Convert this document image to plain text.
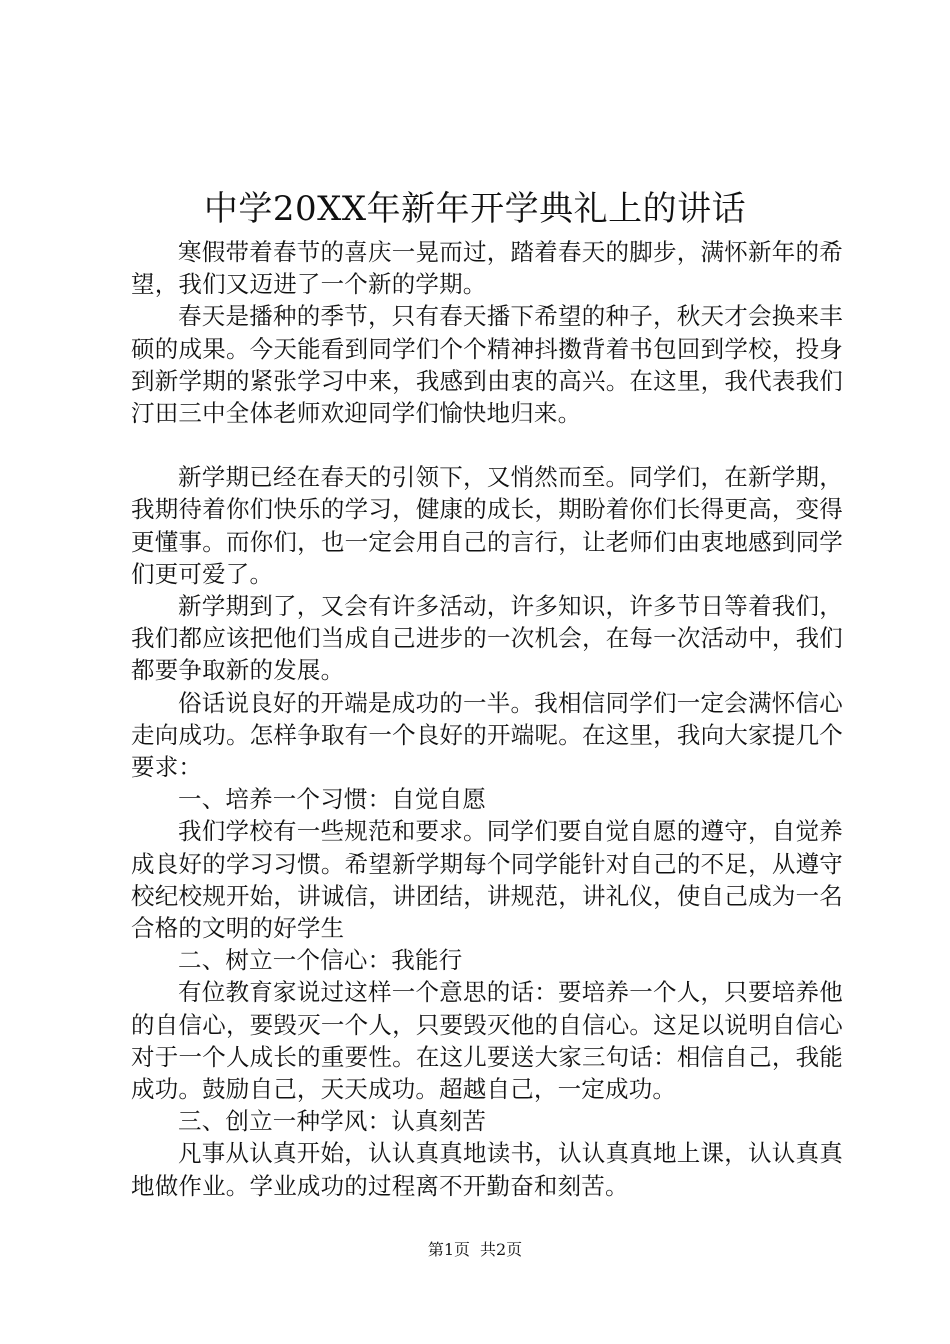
中学20XX年新年开学典礼上的讲话

寒假带着春节的喜庆一晃而过，踏着春天的脚步，满怀新年的希望，我们又迈进了一个新的学期。

春天是播种的季节，只有春天播下希望的种子，秋天才会换来丰硕的成果。今天能看到同学们个个精神抖擞背着书包回到学校，投身到新学期的紧张学习中来，我感到由衷的高兴。在这里，我代表我们汀田三中全体老师欢迎同学们愉快地归来。

新学期已经在春天的引领下，又悄然而至。同学们，在新学期，我期待着你们快乐的学习，健康的成长，期盼着你们长得更高，变得更懂事。而你们，也一定会用自己的言行，让老师们由衷地感到同学们更可爱了。

新学期到了，又会有许多活动，许多知识，许多节日等着我们，我们都应该把他们当成自己进步的一次机会，在每一次活动中，我们都要争取新的发展。

俗话说良好的开端是成功的一半。我相信同学们一定会满怀信心走向成功。怎样争取有一个良好的开端呢。在这里，我向大家提几个要求：

一、培养一个习惯：自觉自愿

我们学校有一些规范和要求。同学们要自觉自愿的遵守，自觉养成良好的学习习惯。希望新学期每个同学能针对自己的不足，从遵守校纪校规开始，讲诚信，讲团结，讲规范，讲礼仪，使自己成为一名合格的文明的好学生

二、树立一个信心：我能行

有位教育家说过这样一个意思的话：要培养一个人，只要培养他的自信心，要毁灭一个人，只要毁灭他的自信心。这足以说明自信心对于一个人成长的重要性。在这儿要送大家三句话：相信自己，我能成功。鼓励自己，天天成功。超越自己，一定成功。

三、创立一种学风：认真刻苦

凡事从认真开始，认认真真地读书，认认真真地上课，认认真真地做作业。学业成功的过程离不开勤奋和刻苦。

第1页 共2页
